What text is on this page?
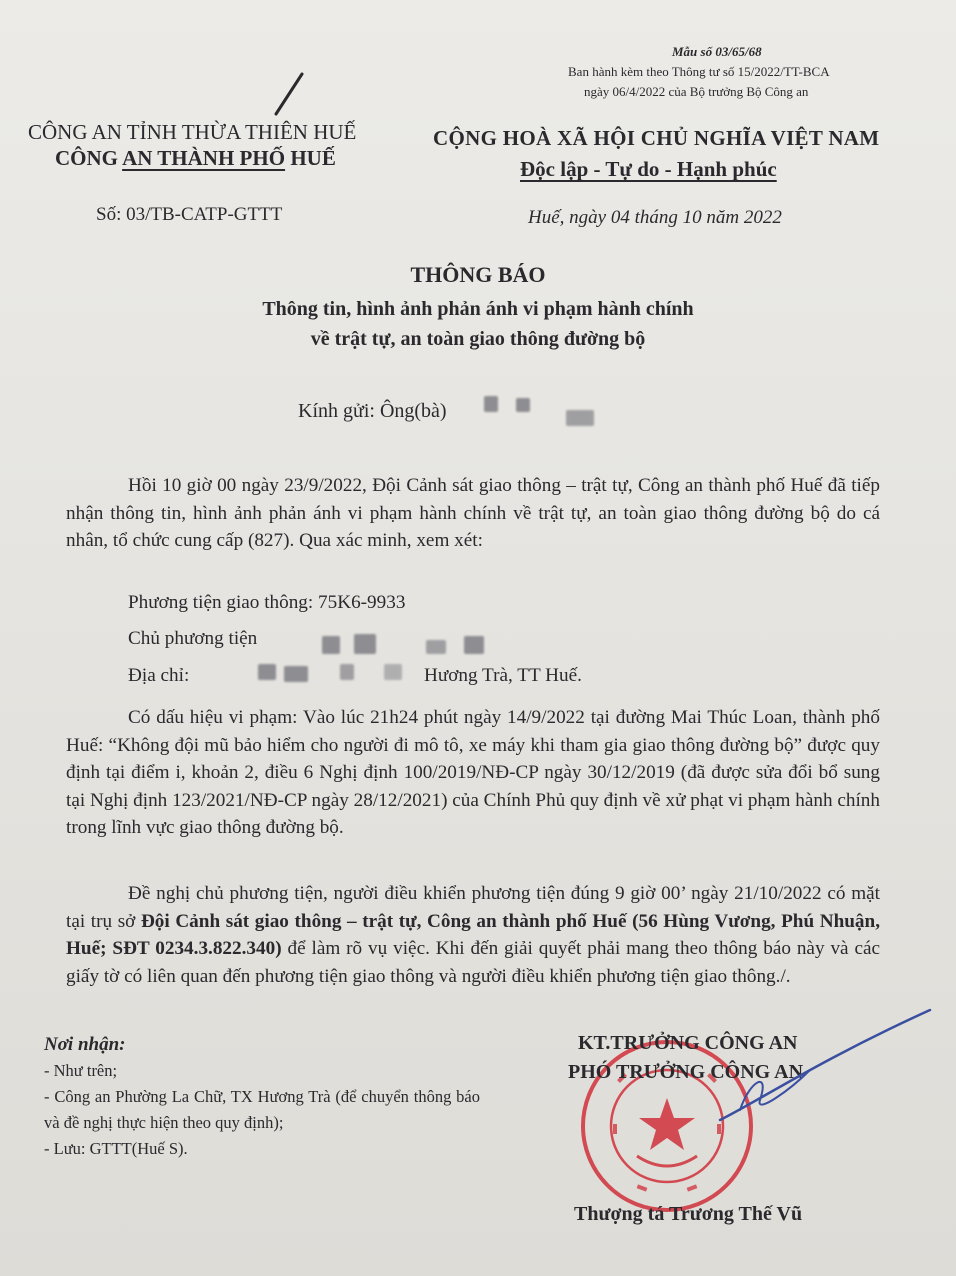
Mẫu số 03/65/68
Ban hành kèm theo Thông tư số 15/2022/TT-BCA
ngày 06/4/2022 của Bộ trưởng Bộ Công an
CÔNG AN TỈNH THỪA THIÊN HUẾ
CÔNG AN THÀNH PHỐ HUẾ
CỘNG HOÀ XÃ HỘI CHỦ NGHĨA VIỆT NAM
Độc lập - Tự do - Hạnh phúc
Số: 03/TB-CATP-GTTT	Huế, ngày 04 tháng 10 năm 2022
THÔNG BÁO
Thông tin, hình ảnh phản ánh vi phạm hành chính
về trật tự, an toàn giao thông đường bộ
Kính gửi: Ông(bà)
Hồi 10 giờ 00 ngày 23/9/2022, Đội Cảnh sát giao thông – trật tự, Công an thành phố Huế đã tiếp nhận thông tin, hình ảnh phản ánh vi phạm hành chính về trật tự, an toàn giao thông đường bộ do cá nhân, tổ chức cung cấp (827). Qua xác minh, xem xét:
Phương tiện giao thông: 75K6-9933
Chủ phương tiện
Địa chỉ:	Hương Trà, TT Huế.
Có dấu hiệu vi phạm: Vào lúc 21h24 phút ngày 14/9/2022 tại đường Mai Thúc Loan, thành phố Huế: “Không đội mũ bảo hiểm cho người đi mô tô, xe máy khi tham gia giao thông đường bộ” được quy định tại điểm i, khoản 2, điều 6 Nghị định 100/2019/NĐ-CP ngày 30/12/2019 (đã được sửa đổi bổ sung tại Nghị định 123/2021/NĐ-CP ngày 28/12/2021) của Chính Phủ quy định về xử phạt vi phạm hành chính trong lĩnh vực giao thông đường bộ.
Đề nghị chủ phương tiện, người điều khiển phương tiện đúng 9 giờ 00’ ngày 21/10/2022 có mặt tại trụ sở Đội Cảnh sát giao thông – trật tự, Công an thành phố Huế (56 Hùng Vương, Phú Nhuận, Huế; SĐT 0234.3.822.340) để làm rõ vụ việc. Khi đến giải quyết phải mang theo thông báo này và các giấy tờ có liên quan đến phương tiện giao thông và người điều khiển phương tiện giao thông./.
Nơi nhận:
- Như trên;
- Công an Phường La Chữ, TX Hương Trà (để chuyển thông báo và đề nghị thực hiện theo quy định);
- Lưu: GTTT(Huế S).
KT.TRƯỞNG CÔNG AN
PHÓ TRƯỞNG CÔNG AN
Thượng tá Trương Thế Vũ
